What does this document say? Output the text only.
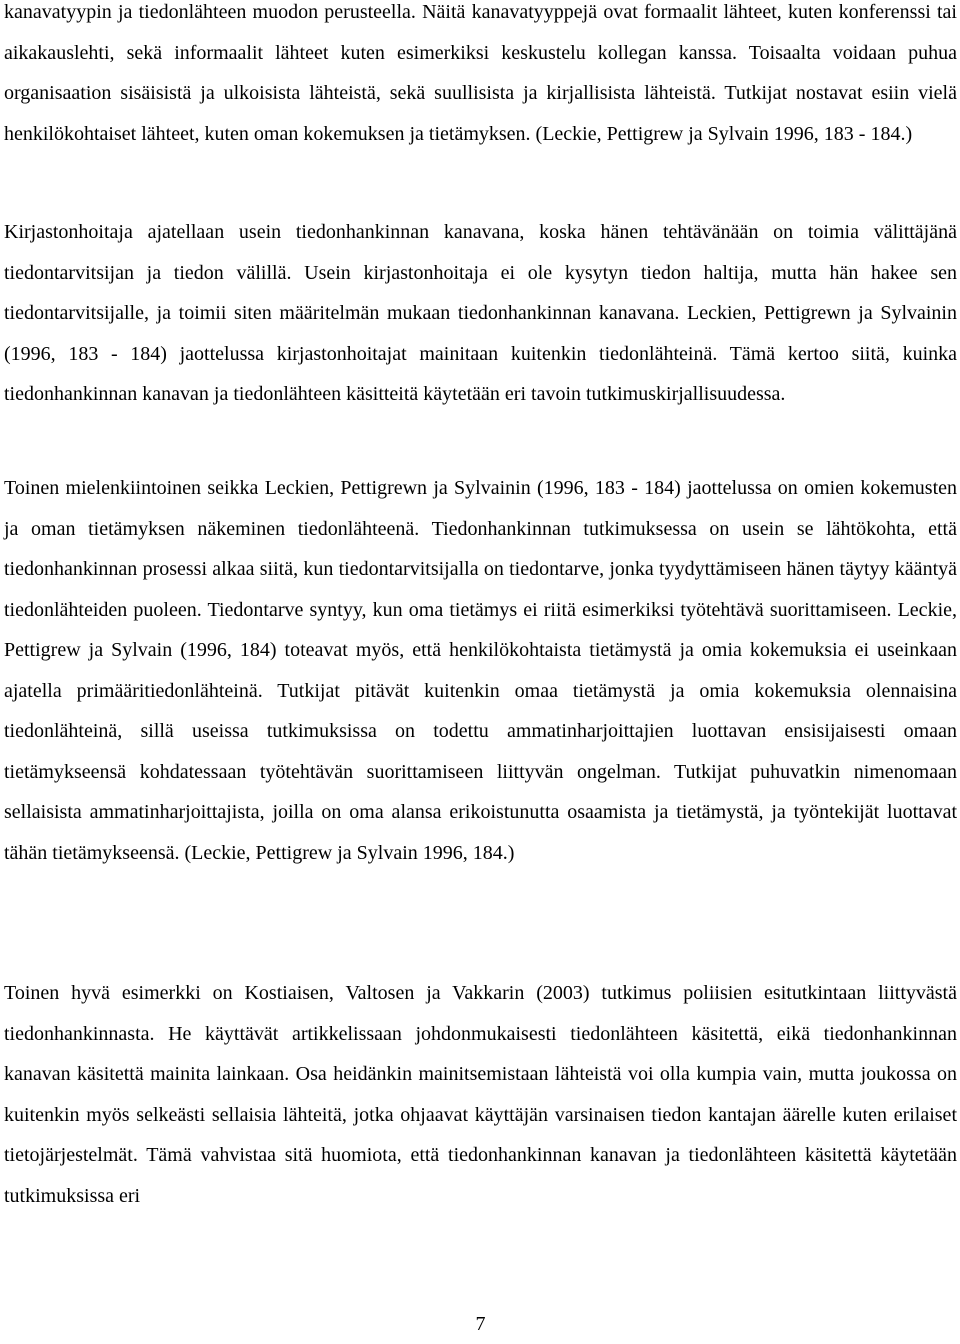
kanavatyypin ja tiedonlähteen muodon perusteella. Näitä kanavatyyppejä ovat formaalit lähteet, kuten konferenssi tai aikakauslehti, sekä informaalit lähteet kuten esimerkiksi keskustelu kollegan kanssa. Toisaalta voidaan puhua organisaation sisäisistä ja ulkoisista lähteistä, sekä suullisista ja kirjallisista lähteistä. Tutkijat nostavat esiin vielä henkilökohtaiset lähteet, kuten oman kokemuksen ja tietämyksen. (Leckie, Pettigrew ja Sylvain 1996, 183 - 184.)

Kirjastonhoitaja ajatellaan usein tiedonhankinnan kanavana, koska hänen tehtävänään on toimia välittäjänä tiedontarvitsijan ja tiedon välillä. Usein kirjastonhoitaja ei ole kysytyn tiedon haltija, mutta hän hakee sen tiedontarvitsijalle, ja toimii siten määritelmän mukaan tiedonhankinnan kanavana. Leckien, Pettigrewn ja Sylvainin (1996, 183 - 184) jaottelussa kirjastonhoitajat mainitaan kuitenkin tiedonlähteinä. Tämä kertoo siitä, kuinka tiedonhankinnan kanavan ja tiedonlähteen käsitteitä käytetään eri tavoin tutkimuskirjallisuudessa.

Toinen mielenkiintoinen seikka Leckien, Pettigrewn ja Sylvainin (1996, 183 - 184) jaottelussa on omien kokemusten ja oman tietämyksen näkeminen tiedonlähteenä. Tiedonhankinnan tutkimuksessa on usein se lähtökohta, että tiedonhankinnan prosessi alkaa siitä, kun tiedontarvitsijalla on tiedontarve, jonka tyydyttämiseen hänen täytyy kääntyä tiedonlähteiden puoleen. Tiedontarve syntyy, kun oma tietämys ei riitä esimerkiksi työtehtävä suorittamiseen. Leckie, Pettigrew ja Sylvain (1996, 184) toteavat myös, että henkilökohtaista tietämystä ja omia kokemuksia ei useinkaan ajatella primääritiedonlähteinä. Tutkijat pitävät kuitenkin omaa tietämystä ja omia kokemuksia olennaisina tiedonlähteinä, sillä useissa tutkimuksissa on todettu ammatinharjoittajien luottavan ensisijaisesti omaan tietämykseensä kohdatessaan työtehtävän suorittamiseen liittyvän ongelman. Tutkijat puhuvatkin nimenomaan sellaisista ammatinharjoittajista, joilla on oma alansa erikoistunutta osaamista ja tietämystä, ja työntekijät luottavat tähän tietämykseensä. (Leckie, Pettigrew ja Sylvain 1996, 184.)

Toinen hyvä esimerkki on Kostiaisen, Valtosen ja Vakkarin (2003) tutkimus poliisien esitutkintaan liittyvästä tiedonhankinnasta. He käyttävät artikkelissaan johdonmukaisesti tiedonlähteen käsitettä, eikä tiedonhankinnan kanavan käsitettä mainita lainkaan. Osa heidänkin mainitsemistaan lähteistä voi olla kumpia vain, mutta joukossa on kuitenkin myös selkeästi sellaisia lähteitä, jotka ohjaavat käyttäjän varsinaisen tiedon kantajan äärelle kuten erilaiset tietojärjestelmät. Tämä vahvistaa sitä huomiota, että tiedonhankinnan kanavan ja tiedonlähteen käsitettä käytetään tutkimuksissa eri

7
